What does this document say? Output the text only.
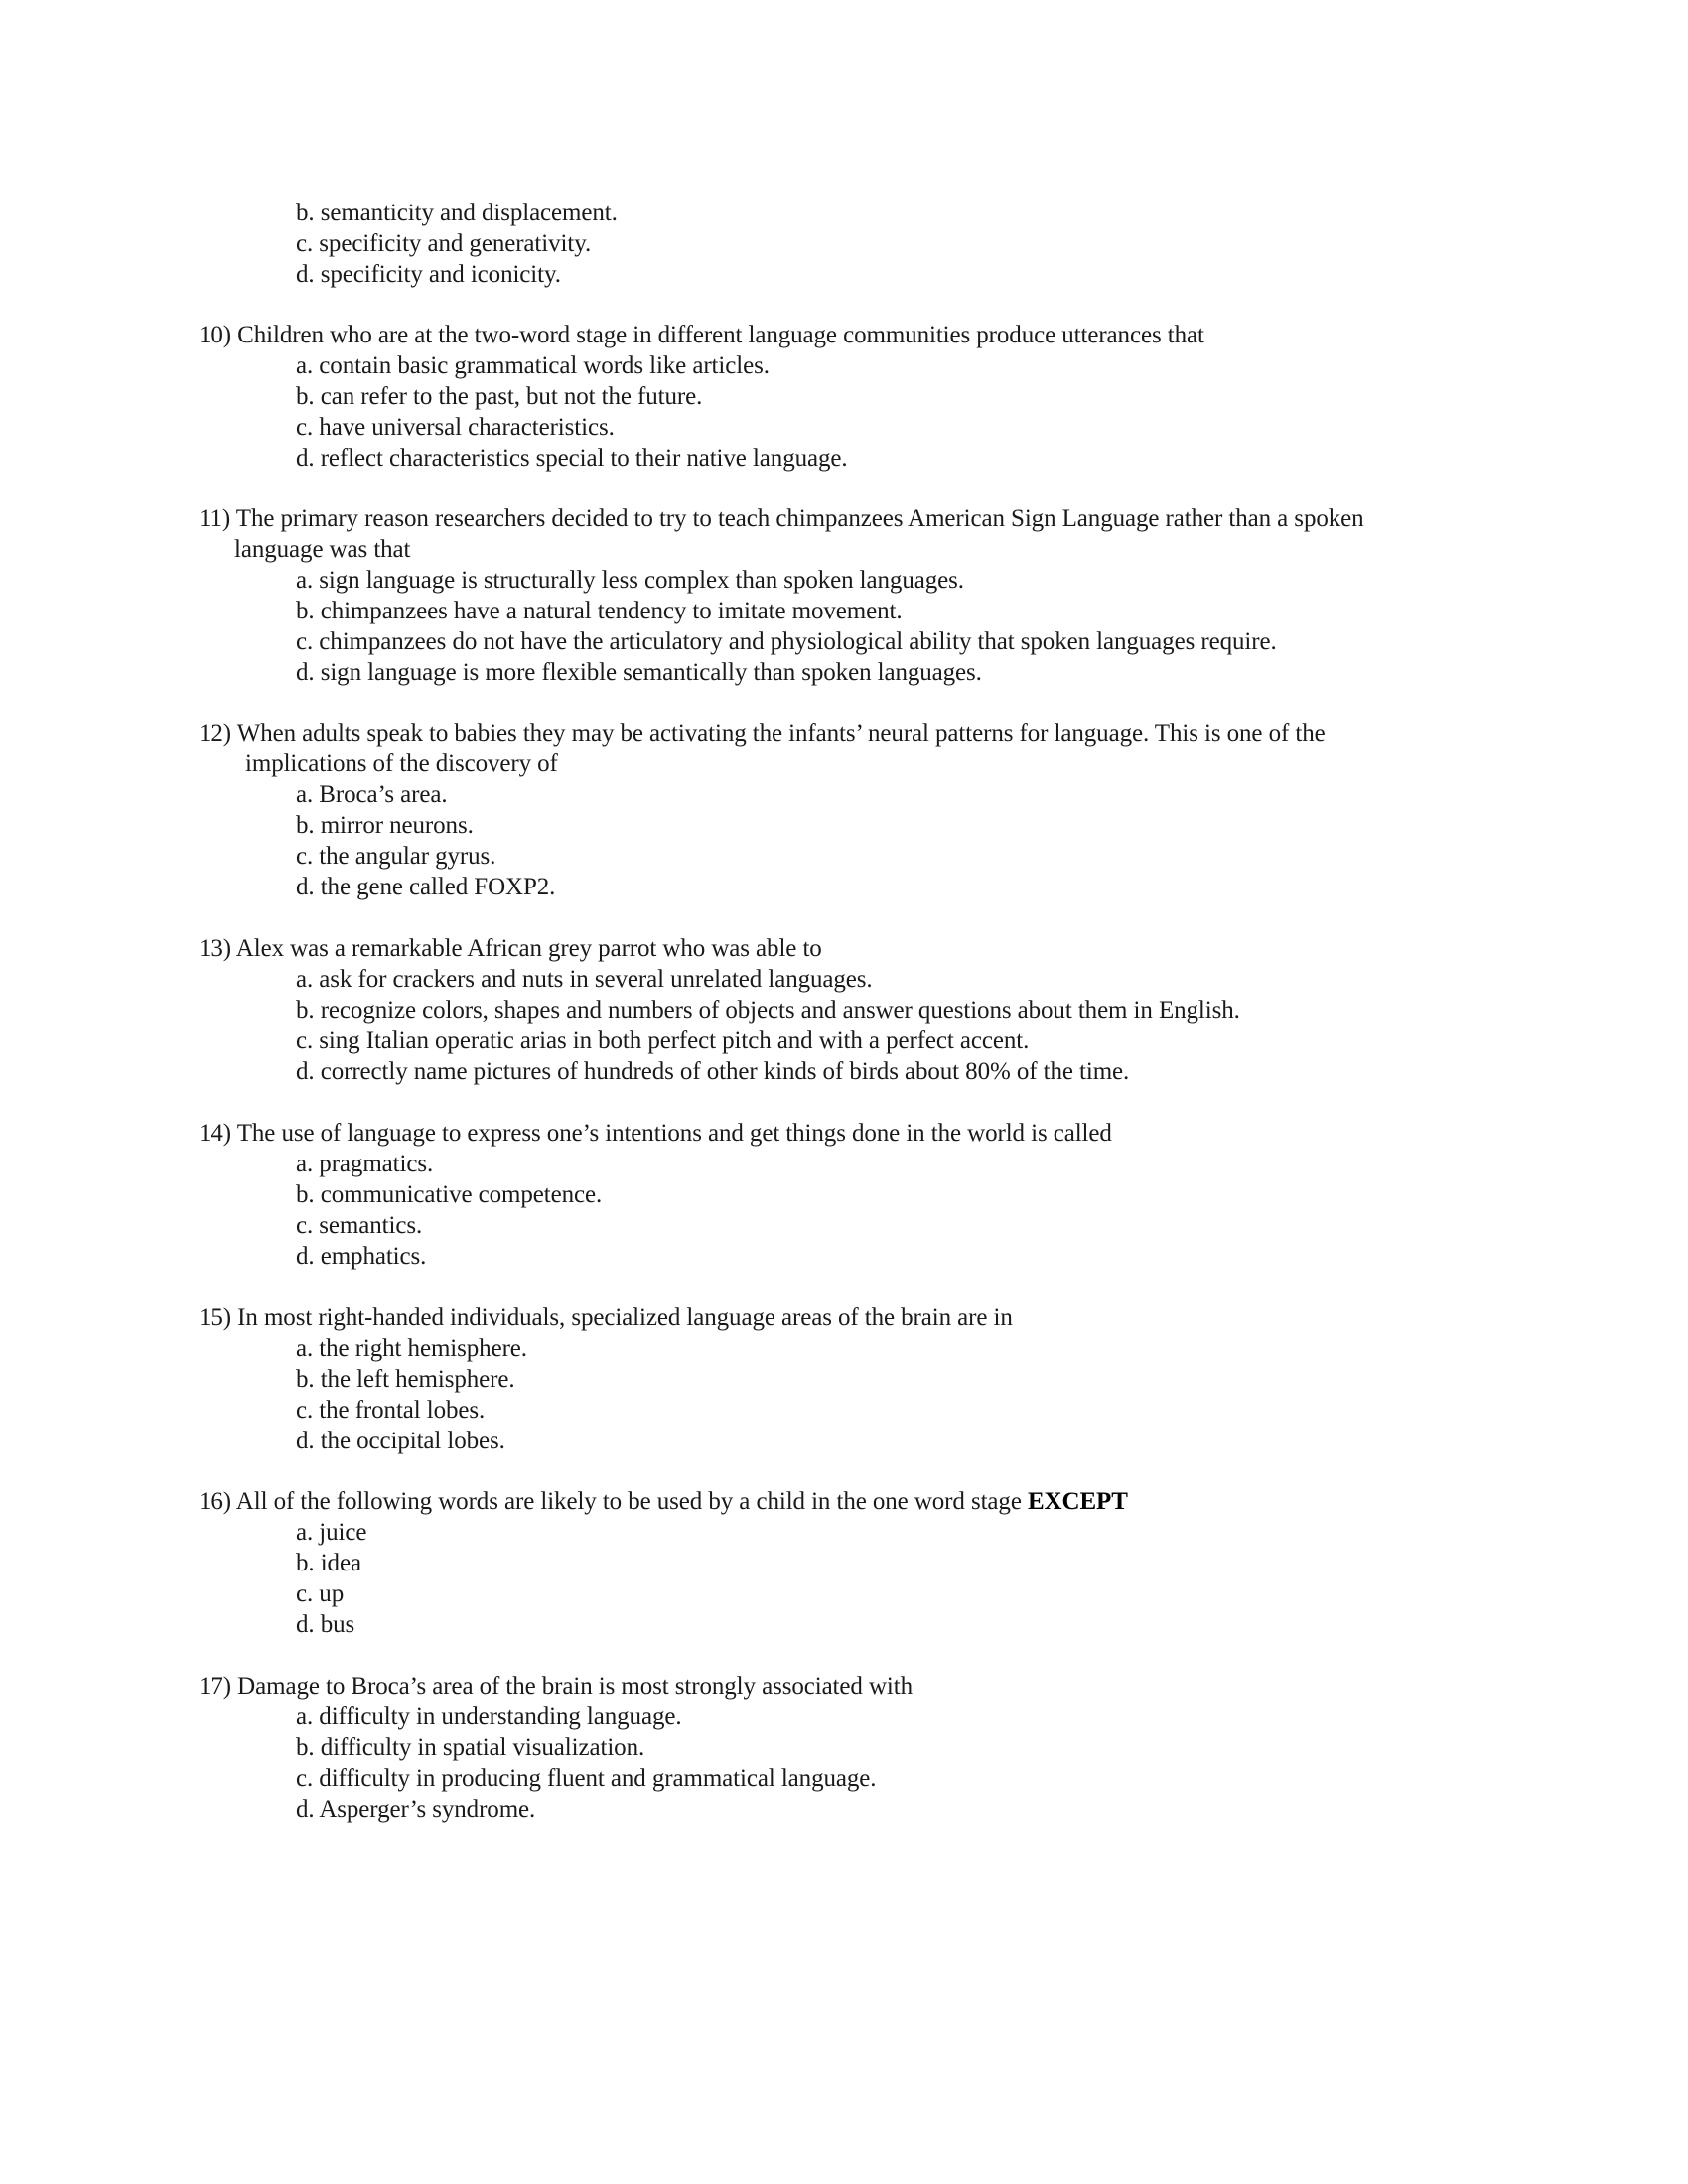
b. semanticity and displacement.
c. specificity and generativity.
d. specificity and iconicity.
10) Children who are at the two-word stage in different language communities produce utterances that
a. contain basic grammatical words like articles.
b. can refer to the past, but not the future.
c. have universal characteristics.
d. reflect characteristics special to their native language.
11) The primary reason researchers decided to try to teach chimpanzees American Sign Language rather than a spoken
language was that
a. sign language is structurally less complex than spoken languages.
b. chimpanzees have a natural tendency to imitate movement.
c. chimpanzees do not have the articulatory and physiological ability that spoken languages require.
d. sign language is more flexible semantically than spoken languages.
12) When adults speak to babies they may be activating the infants’ neural patterns for language. This is one of the
implications of the discovery of
a. Broca’s area.
b. mirror neurons.
c. the angular gyrus.
d. the gene called FOXP2.
13) Alex was a remarkable African grey parrot who was able to
a. ask for crackers and nuts in several unrelated languages.
b. recognize colors, shapes and numbers of objects and answer questions about them in English.
c. sing Italian operatic arias in both perfect pitch and with a perfect accent.
d. correctly name pictures of hundreds of other kinds of birds about 80% of the time.
14) The use of language to express one’s intentions and get things done in the world is called
a. pragmatics.
b. communicative competence.
c. semantics.
d. emphatics.
15) In most right-handed individuals, specialized language areas of the brain are in
a. the right hemisphere.
b. the left hemisphere.
c. the frontal lobes.
d. the occipital lobes.
16) All of the following words are likely to be used by a child in the one word stage EXCEPT
a. juice
b. idea
c. up
d. bus
17) Damage to Broca’s area of the brain is most strongly associated with
a. difficulty in understanding language.
b. difficulty in spatial visualization.
c. difficulty in producing fluent and grammatical language.
d. Asperger’s syndrome.
